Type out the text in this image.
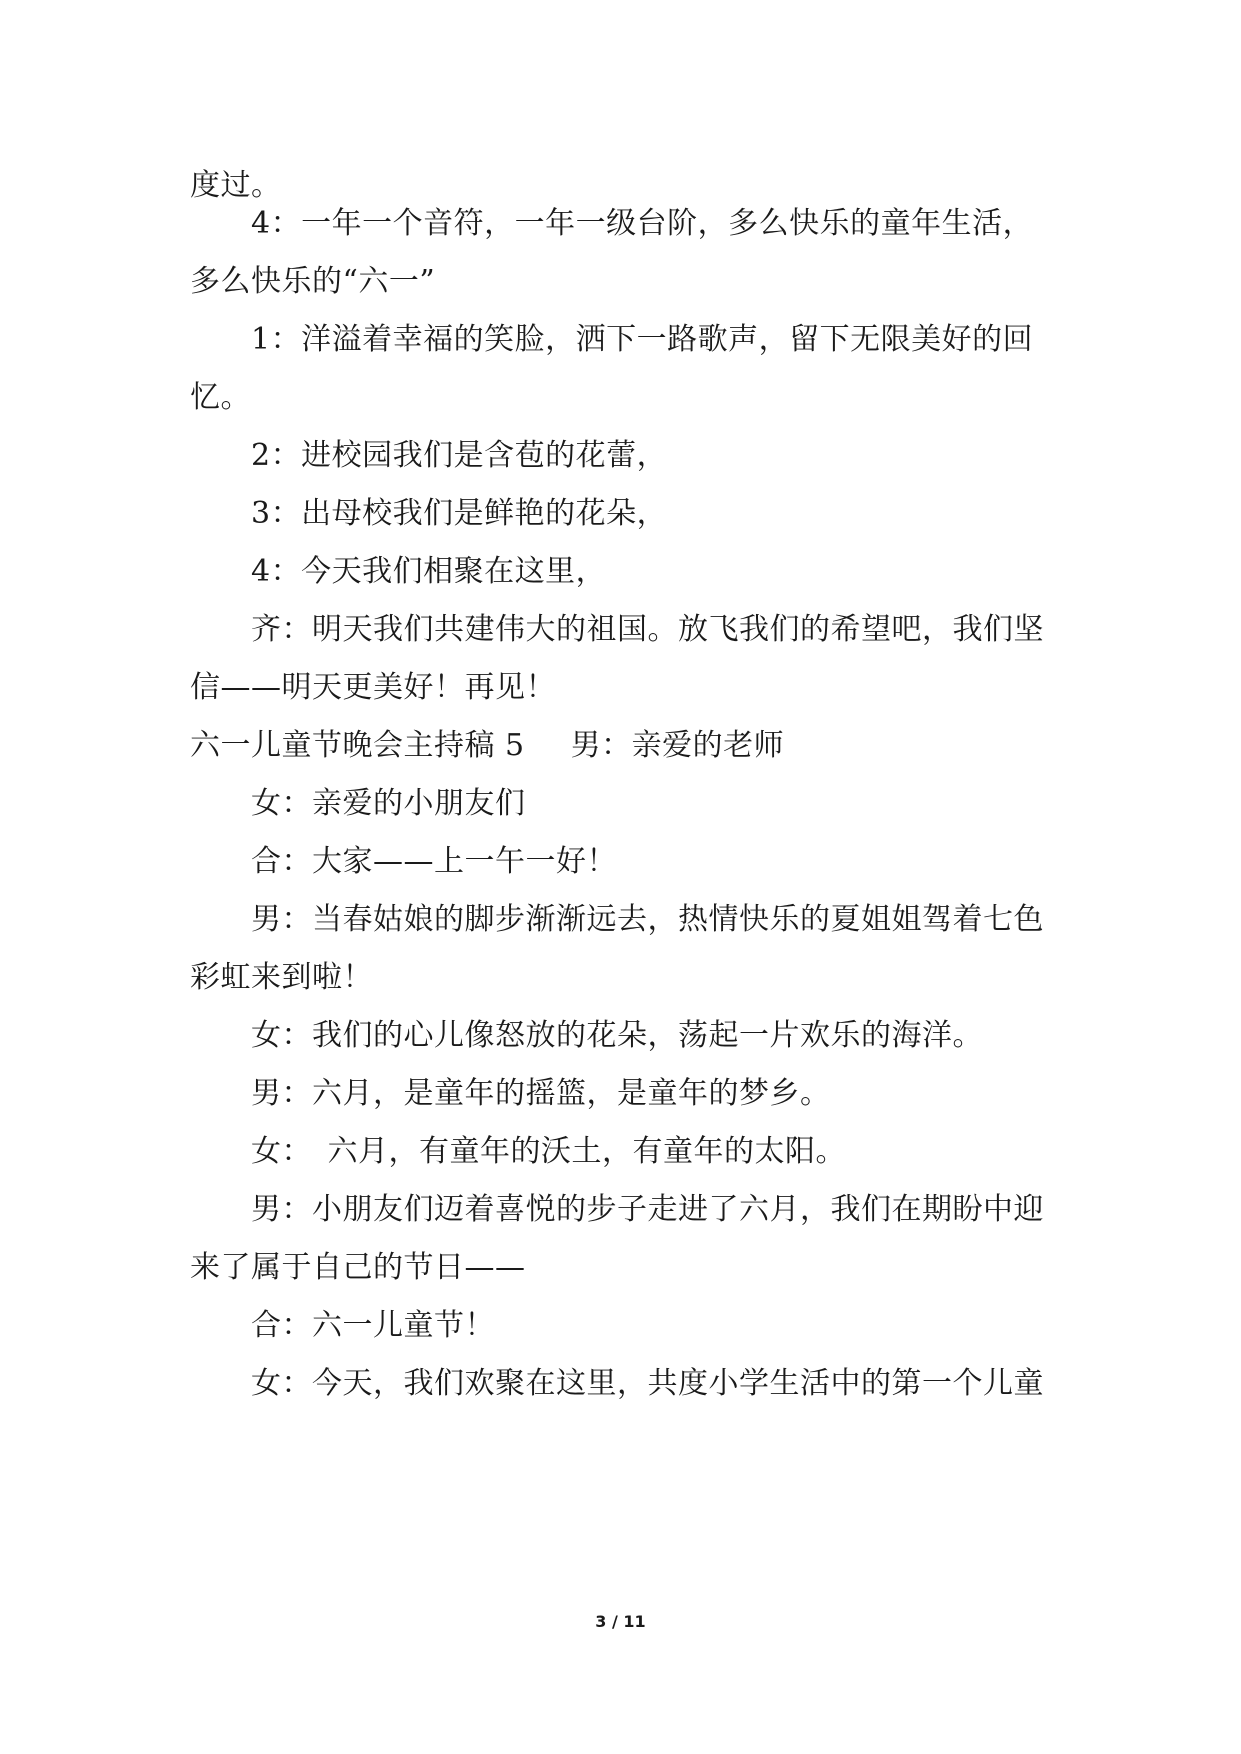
度过。
4：一年一个音符，一年一级台阶，多么快乐的童年生活，
多么快乐的“六一”
1：洋溢着幸福的笑脸，洒下一路歌声，留下无限美好的回
忆。
2：进校园我们是含苞的花蕾，
3：出母校我们是鲜艳的花朵，
4：今天我们相聚在这里，
齐：明天我们共建伟大的祖国。放飞我们的希望吧，我们坚
信——明天更美好！再见！
六一儿童节晚会主持稿 5 男：亲爱的老师
女：亲爱的小朋友们
合：大家——上一午一好！
男：当春姑娘的脚步渐渐远去，热情快乐的夏姐姐驾着七色
彩虹来到啦！
女：我们的心儿像怒放的花朵，荡起一片欢乐的海洋。
男：六月，是童年的摇篮，是童年的梦乡。
女：　六月，有童年的沃土，有童年的太阳。
男：小朋友们迈着喜悦的步子走进了六月，我们在期盼中迎
来了属于自己的节日——
合：六一儿童节！
女：今天，我们欢聚在这里，共度小学生活中的第一个儿童
3 / 11
